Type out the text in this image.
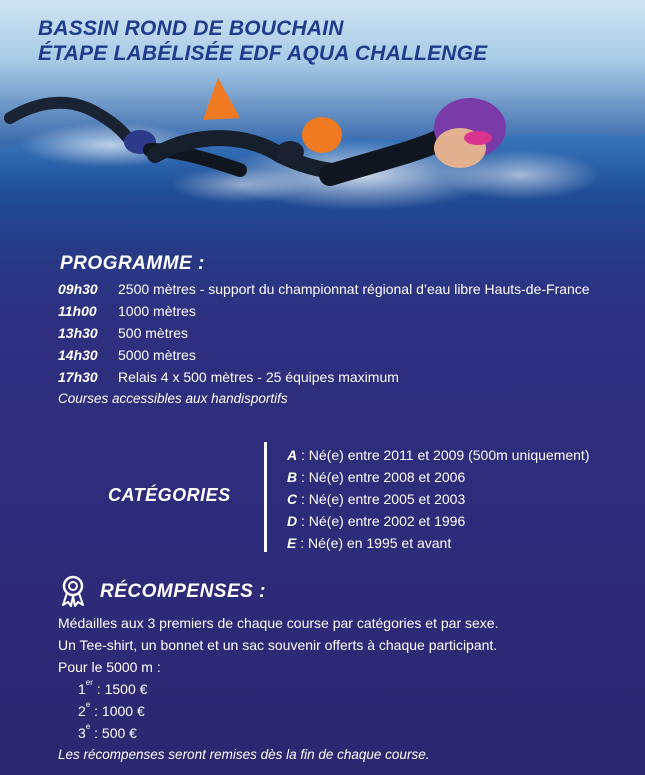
BASSIN ROND DE BOUCHAIN
ÉTAPE LABÉLISÉE EDF AQUA CHALLENGE
PROGRAMME :
09h30 2500 mètres - support du championnat régional d’eau libre Hauts-de-France
11h00 1000 mètres
13h30 500 mètres
14h30 5000 mètres
17h30 Relais 4 x 500 mètres - 25 équipes maximum
Courses accessibles aux handisportifs
CATÉGORIES
A : Né(e) entre 2011 et 2009 (500m uniquement)
B : Né(e) entre 2008 et 2006
C : Né(e) entre 2005 et 2003
D : Né(e) entre 2002 et 1996
E : Né(e) en 1995 et avant
RÉCOMPENSES :
Médailles aux 3 premiers de chaque course par catégories et par sexe.
Un Tee-shirt, un bonnet et un sac souvenir offerts à chaque participant.
Pour le 5000 m :
1er : 1500 €
2e : 1000 €
3e : 500 €
Les récompenses seront remises dès la fin de chaque course.
